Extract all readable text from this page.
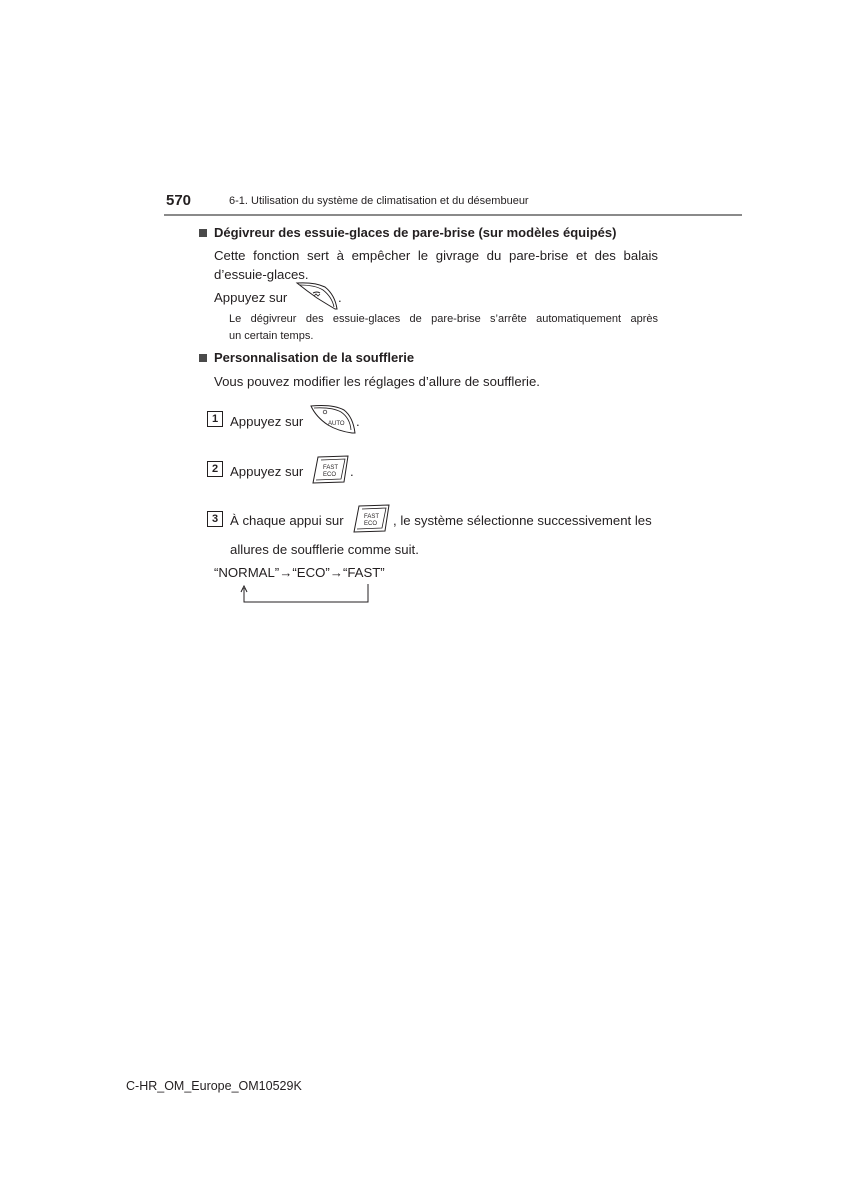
570	6-1. Utilisation du système de climatisation et du désembueur
Dégivreur des essuie-glaces de pare-brise (sur modèles équipés)
Cette fonction sert à empêcher le givrage du pare-brise et des balais
d’essuie-glaces.
Appuyez sur	.
Le dégivreur des essuie-glaces de pare-brise s’arrête automatiquement après
un certain temps.
Personnalisation de la soufflerie
Vous pouvez modifier les réglages d’allure de soufflerie.
1 Appuyez sur	AUTO .
2 Appuyez sur	FAST
ECO .
3 À chaque appui sur	FAST
ECO , le système sélectionne successivement les
allures de soufflerie comme suit.
“NORMAL”→“ECO”→“FAST”
C-HR_OM_Europe_OM10529K
